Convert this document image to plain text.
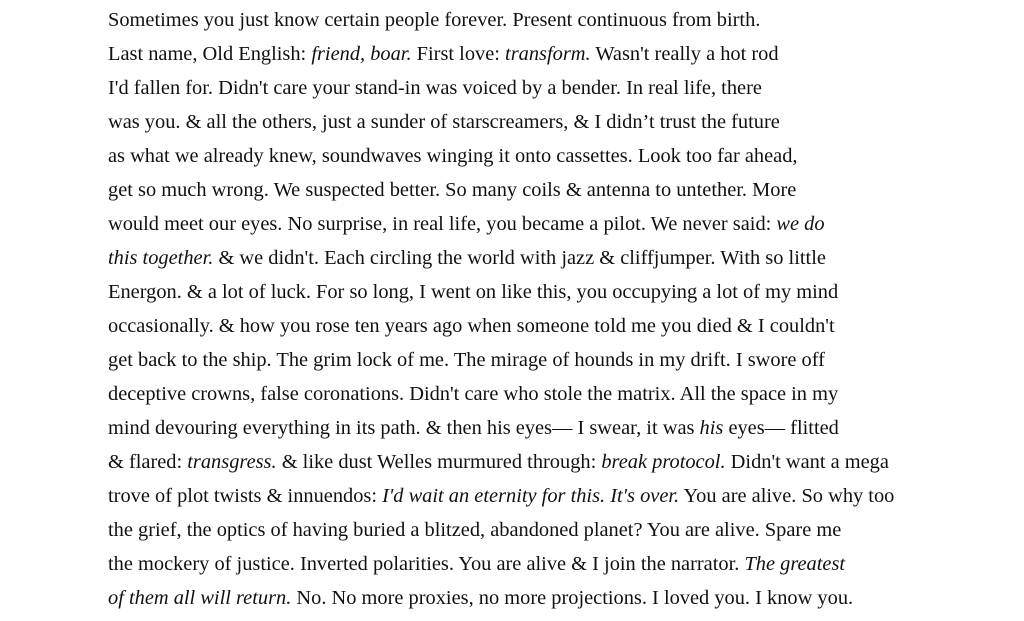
Sometimes you just know certain people forever. Present continuous from birth.
Last name, Old English: friend, boar. First love: transform. Wasn't really a hot rod
I'd fallen for. Didn't care your stand-in was voiced by a bender. In real life, there
was you. & all the others, just a sunder of starscreamers, & I didn’t trust the future
as what we already knew, soundwaves winging it onto cassettes. Look too far ahead,
get so much wrong. We suspected better. So many coils & antenna to untether. More
would meet our eyes. No surprise, in real life, you became a pilot. We never said: we do
this together. & we didn't. Each circling the world with jazz & cliffjumper. With so little
Energon. & a lot of luck. For so long, I went on like this, you occupying a lot of my mind
occasionally. & how you rose ten years ago when someone told me you died & I couldn't
get back to the ship. The grim lock of me. The mirage of hounds in my drift. I swore off
deceptive crowns, false coronations. Didn't care who stole the matrix. All the space in my
mind devouring everything in its path. & then his eyes— I swear, it was his eyes— flitted
& flared: transgress. & like dust Welles murmured through: break protocol. Didn't want a mega
trove of plot twists & innuendos: I'd wait an eternity for this. It's over. You are alive. So why too
the grief, the optics of having buried a blitzed, abandoned planet? You are alive. Spare me
the mockery of justice. Inverted polarities. You are alive & I join the narrator. The greatest
of them all will return. No. No more proxies, no more projections. I loved you. I know you.
